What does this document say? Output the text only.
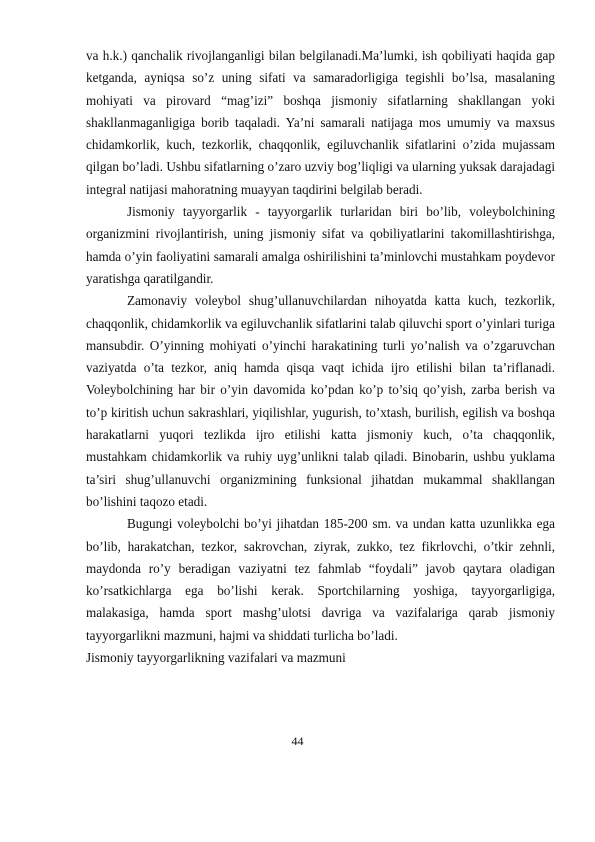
va h.k.) qanchalik rivojlanganligi bilan belgilanadi.Ma’lumki, ish qobiliyati haqida gap ketganda, ayniqsa so’z uning sifati va samaradorligiga tegishli bo’lsa, masalaning mohiyati va pirovard “mag’izi” boshqa jismoniy sifatlarning shakllangan yoki shakllanmaganligiga borib taqaladi. Ya’ni samarali natijaga mos umumiy va maxsus chidamkorlik, kuch, tezkorlik, chaqqonlik, egiluvchanlik sifatlarini o’zida mujassam qilgan bo’ladi. Ushbu sifatlarning o’zaro uzviy bog’liqligi va ularning yuksak darajadagi integral natijasi mahoratning muayyan taqdirini belgilab beradi.

Jismoniy tayyorgarlik - tayyorgarlik turlaridan biri bo’lib, voleybolchining organizmini rivojlantirish, uning jismoniy sifat va qobiliyatlarini takomillashtirishga, hamda o’yin faoliyatini samarali amalga oshirilishini ta’minlovchi mustahkam poydevor yaratishga qaratilgandir.

Zamonaviy voleybol shug’ullanuvchilardan nihoyatda katta kuch, tezkorlik, chaqqonlik, chidamkorlik va egiluvchanlik sifatlarini talab qiluvchi sport o’yinlari turiga mansubdir. O’yinning mohiyati o’yinchi harakatining turli yo’nalish va o’zgaruvchan vaziyatda o’ta tezkor, aniq hamda qisqa vaqt ichida ijro etilishi bilan ta’riflanadi. Voleybolchining har bir o’yin davomida ko’pdan ko’p to’siq qo’yish, zarba berish va to’p kiritish uchun sakrashlari, yiqilishlar, yugurish, to’xtash, burilish, egilish va boshqa harakatlarni yuqori tezlikda ijro etilishi katta jismoniy kuch, o’ta chaqqonlik, mustahkam chidamkorlik va ruhiy uyg’unlikni talab qiladi. Binobarin, ushbu yuklama ta’siri shug’ullanuvchi organizmining funksional jihatdan mukammal shakllangan bo’lishini taqozo etadi.

Bugungi voleybolchi bo’yi jihatdan 185-200 sm. va undan katta uzunlikka ega bo’lib, harakatchan, tezkor, sakrovchan, ziyrak, zukko, tez fikrlovchi, o’tkir zehnli, maydonda ro’y beradigan vaziyatni tez fahmlab “foydali” javob qaytara oladigan ko’rsatkichlarga ega bo’lishi kerak. Sportchilarning yoshiga, tayyorgarligiga, malakasiga, hamda sport mashg’ulotsi davriga va vazifalariga qarab jismoniy tayyorgarlikni mazmuni, hajmi va shiddati turlicha bo’ladi.

Jismoniy tayyorgarlikning vazifalari va mazmuni

44
